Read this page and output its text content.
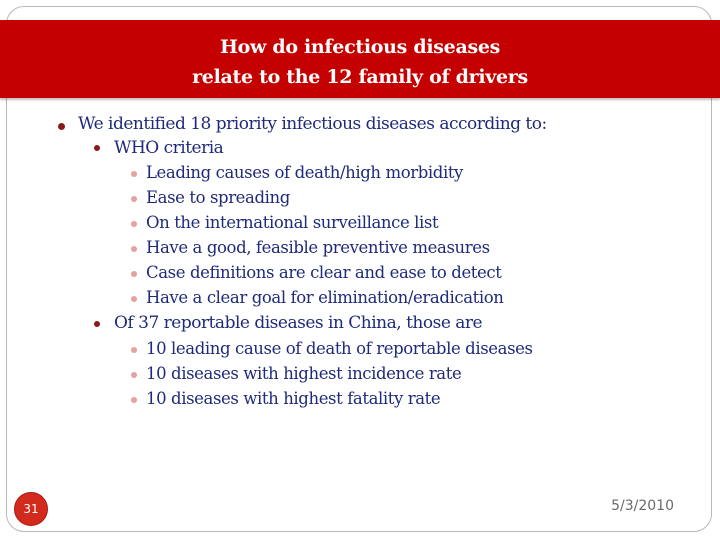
How do infectious diseases
relate to the 12 family of drivers
We identified 18 priority infectious diseases according to:
WHO criteria
Leading causes of death/high morbidity
Ease to spreading
On the international surveillance list
Have a good, feasible preventive measures
Case definitions are clear and ease to detect
Have a clear goal for elimination/eradication
Of 37 reportable diseases in China, those are
10 leading cause of death of reportable diseases
10 diseases with highest incidence rate
10 diseases with highest fatality rate
31	5/3/2010
